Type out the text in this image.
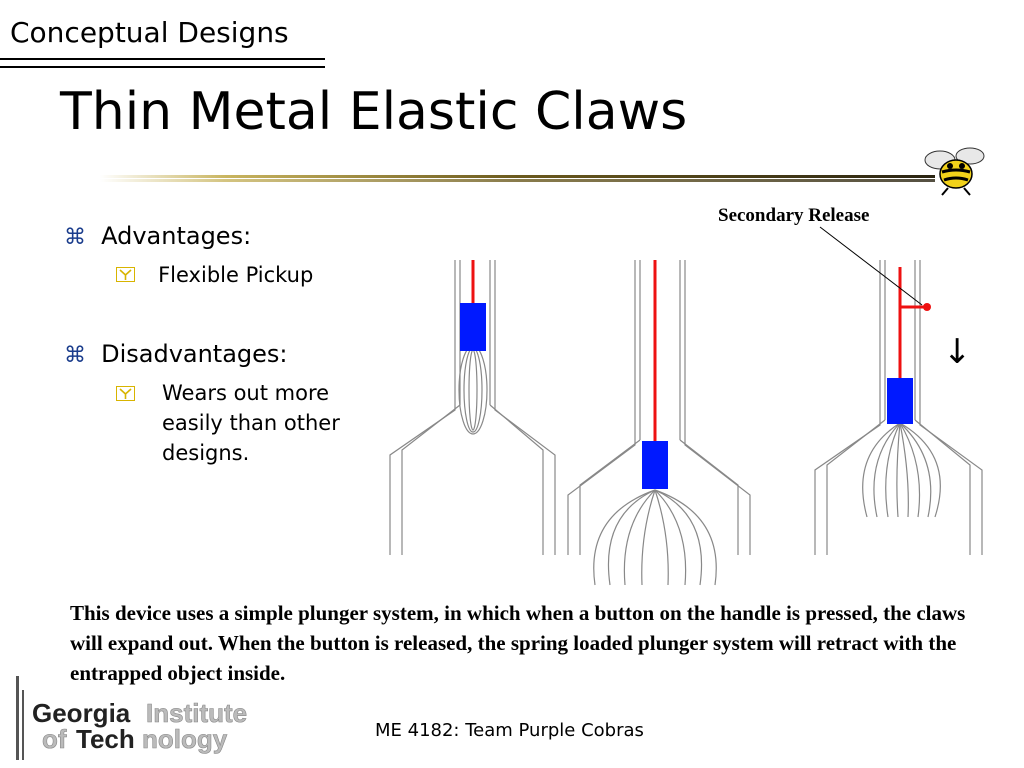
Conceptual Designs
Thin Metal Elastic Claws
⌘ Advantages:
Flexible Pickup
⌘ Disadvantages:
Wears out more easily than other designs.
↓
Secondary Release
This device uses a simple plunger system, in which when a button on the handle is pressed, the claws will expand out. When the button is released, the spring loaded plunger system will retract with the entrapped object inside.
Georgia Institute
of Tech nology	ME 4182: Team Purple Cobras
